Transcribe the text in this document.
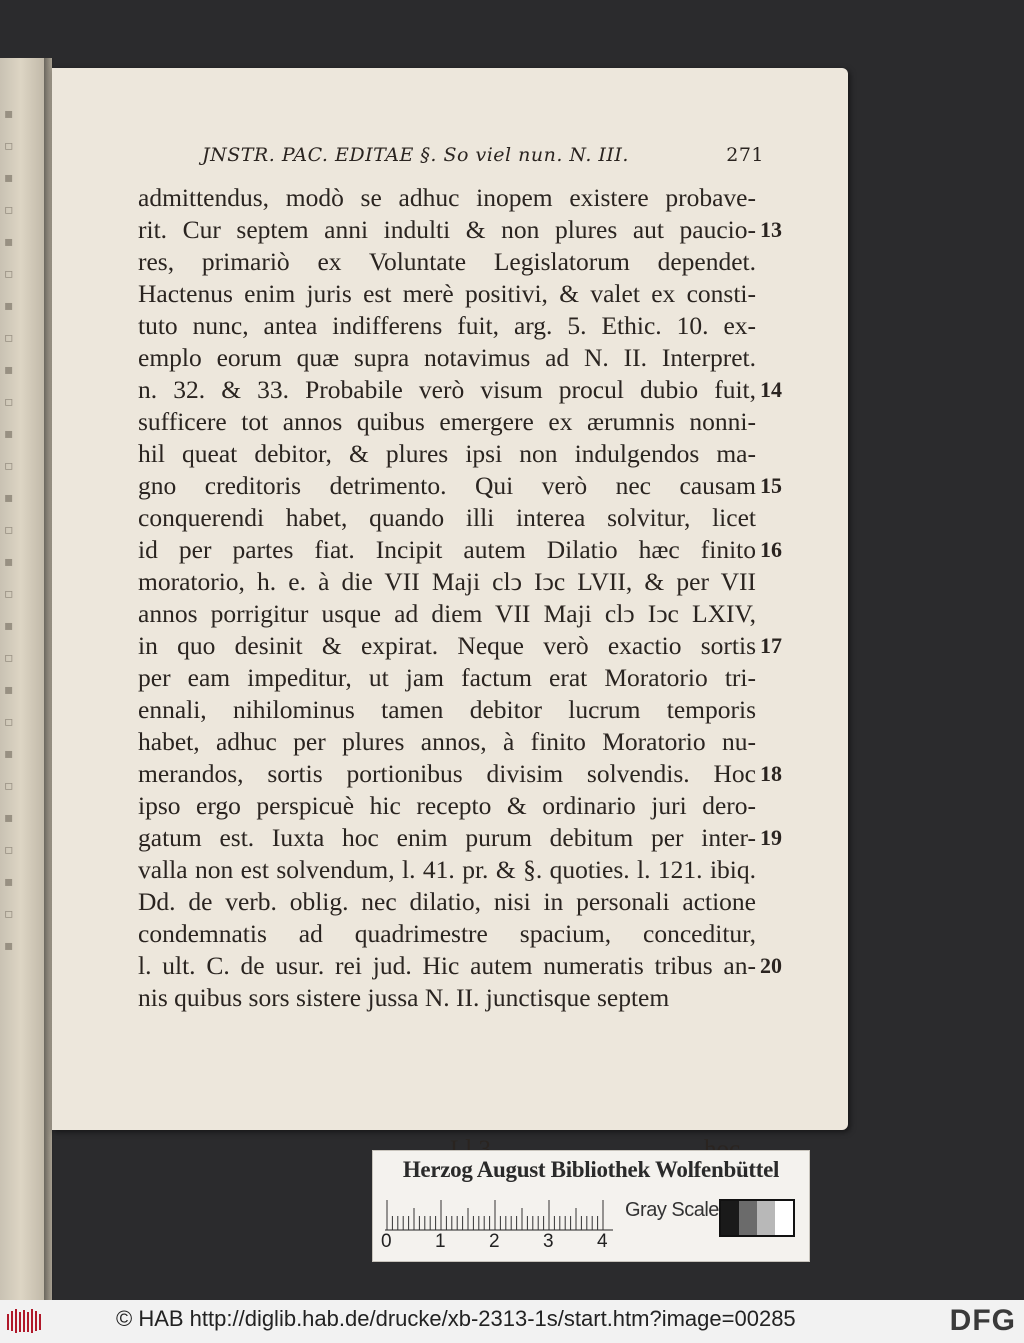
▪
▫
▪
▫
▪
▫
▪
▫
▪
▫
▪
▫
▪
▫
▪
▫
▪
▫
▪
▫
▪
▫
▪
▫
▪
▫
▪
JNSTR. PAC. EDITAE §. So viel nun. N. III.	271
admittendus, modò se adhuc inopem existere probave-
rit. Cur septem anni indulti & non plures aut paucio- 13
res, primariò ex Voluntate Legislatorum dependet.
Hactenus enim juris est merè positivi, & valet ex consti-
tuto nunc, antea indifferens fuit, arg. 5. Ethic. 10. ex-
emplo eorum quæ supra notavimus ad N. II. Interpret.
n. 32. & 33. Probabile verò visum procul dubio fuit, 14
sufficere tot annos quibus emergere ex ærumnis nonni-
hil queat debitor, & plures ipsi non indulgendos ma-
gno creditoris detrimento. Qui verò nec causam 15
conquerendi habet, quando illi interea solvitur, licet
id per partes fiat. Incipit autem Dilatio hæc finito 16
moratorio, h. e. à die VII Maji clↄ Iↄc LVII, & per VII
annos porrigitur usque ad diem VII Maji clↄ Iↄc LXIV,
in quo desinit & expirat. Neque verò exactio sortis 17
per eam impeditur, ut jam factum erat Moratorio tri-
ennali, nihilominus tamen debitor lucrum temporis
habet, adhuc per plures annos, à finito Moratorio nu-
merandos, sortis portionibus divisim solvendis. Hoc 18
ipso ergo perspicuè hic recepto & ordinario juri dero-
gatum est. Iuxta hoc enim purum debitum per inter- 19
valla non est solvendum, l. 41. pr. & §. quoties. l. 121. ibiq.
Dd. de verb. oblig. nec dilatio, nisi in personali actione
condemnatis ad quadrimestre spacium, conceditur,
l. ult. C. de usur. rei jud. Hic autem numeratis tribus an- 20
nis quibus sors sistere jussa N. II. junctisque septem
Herzog August Bibliothek Wolfenbüttel
0 1 2 3 4
Gray Scale
© HAB http://diglib.hab.de/drucke/xb-2313-1s/start.htm?image=00285	DFG
